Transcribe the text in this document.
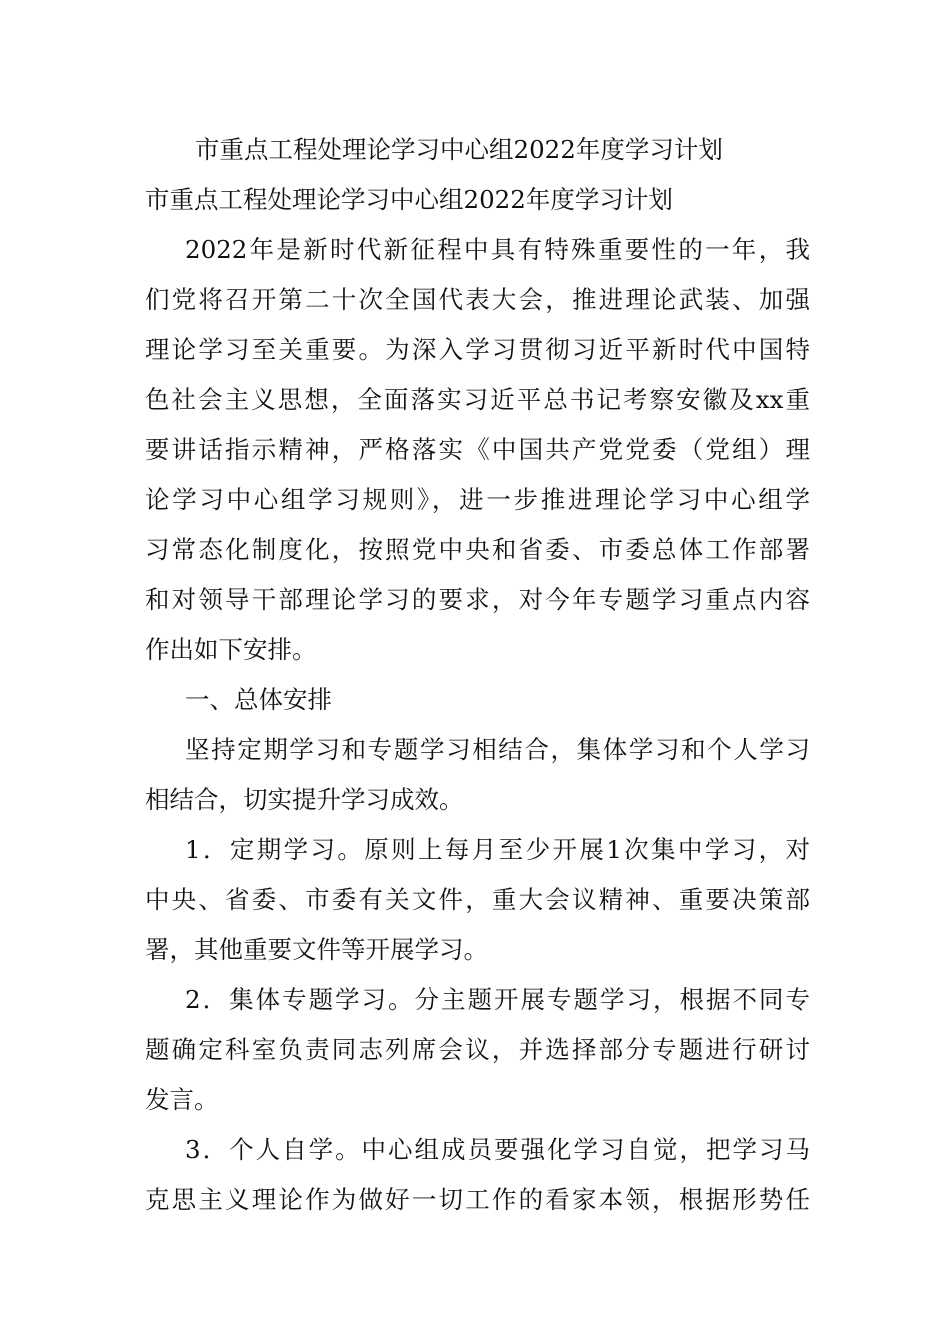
市重点工程处理论学习中心组2022年度学习计划
市重点工程处理论学习中心组2022年度学习计划
2022年是新时代新征程中具有特殊重要性的一年，我
们党将召开第二十次全国代表大会，推进理论武装、加强
理论学习至关重要。为深入学习贯彻习近平新时代中国特
色社会主义思想，全面落实习近平总书记考察安徽及xx重
要讲话指示精神，严格落实《中国共产党党委（党组）理
论学习中心组学习规则》，进一步推进理论学习中心组学
习常态化制度化，按照党中央和省委、市委总体工作部署
和对领导干部理论学习的要求，对今年专题学习重点内容
作出如下安排。
一、总体安排
坚持定期学习和专题学习相结合，集体学习和个人学习
相结合，切实提升学习成效。
1．定期学习。原则上每月至少开展1次集中学习，对
中央、省委、市委有关文件，重大会议精神、重要决策部
署，其他重要文件等开展学习。
2．集体专题学习。分主题开展专题学习，根据不同专
题确定科室负责同志列席会议，并选择部分专题进行研讨
发言。
3．个人自学。中心组成员要强化学习自觉，把学习马
克思主义理论作为做好一切工作的看家本领，根据形势任
